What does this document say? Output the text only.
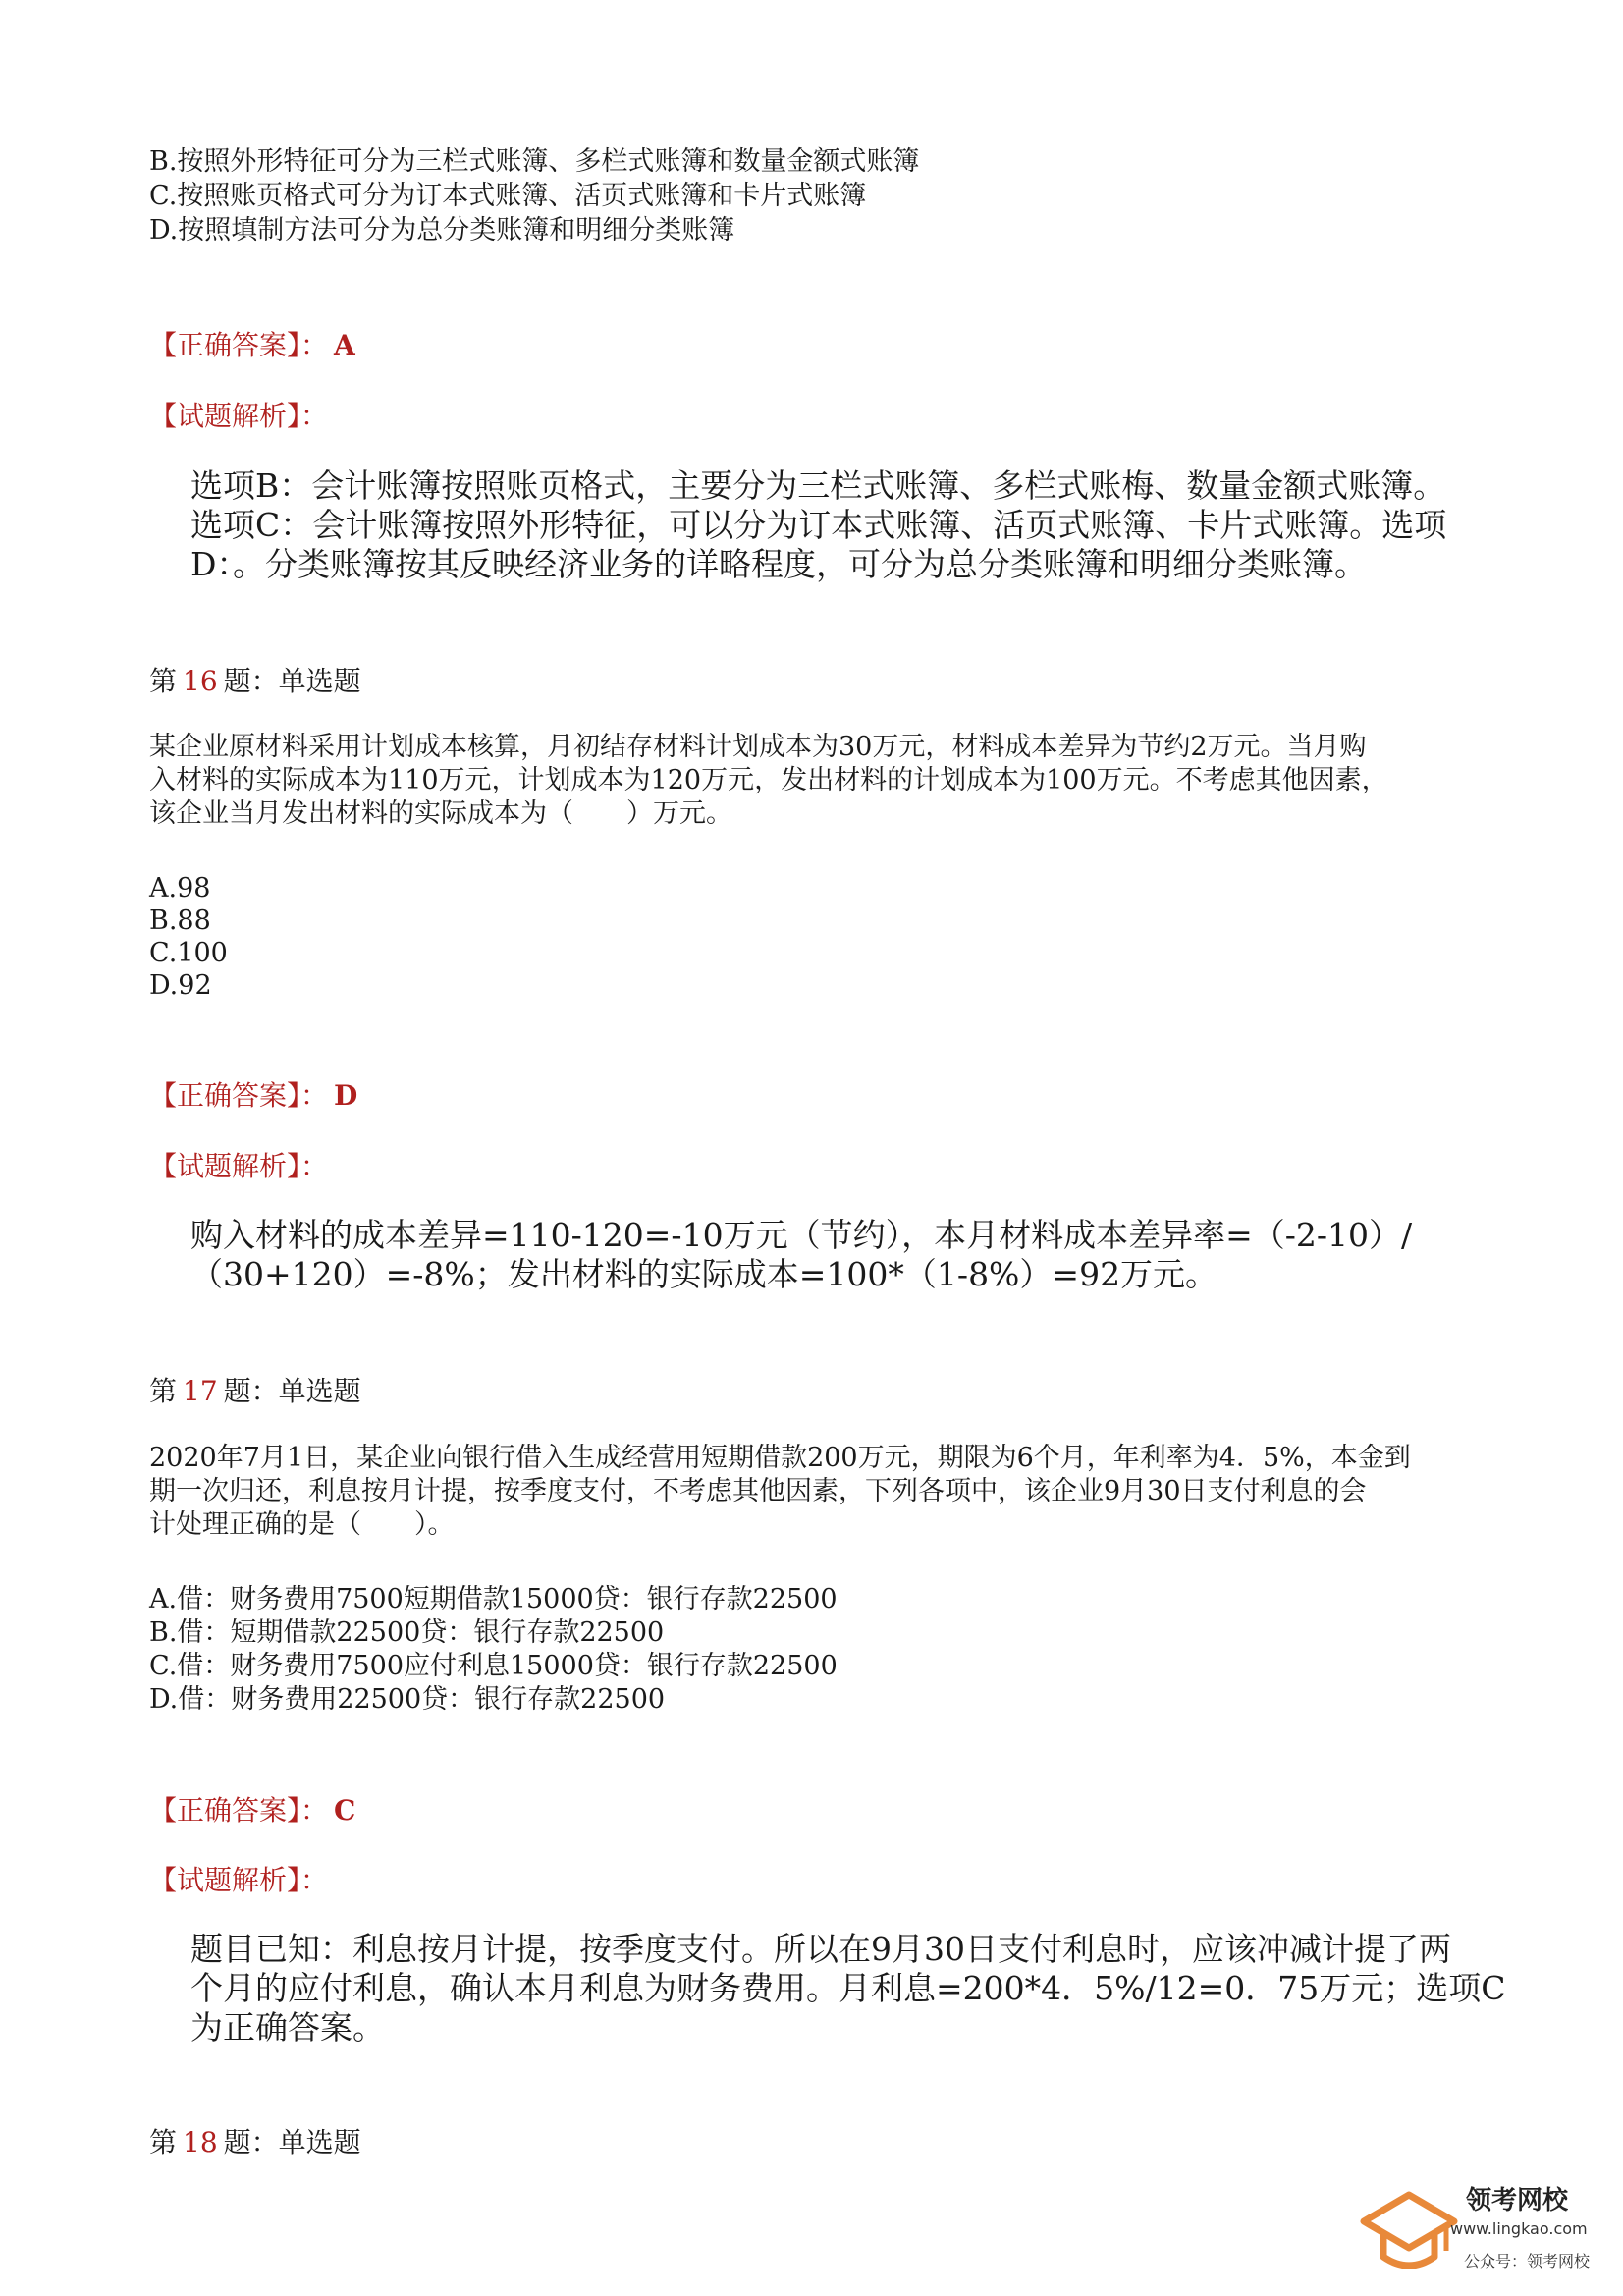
B.按照外形特征可分为三栏式账簿、多栏式账簿和数量金额式账簿
C.按照账页格式可分为订本式账簿、活页式账簿和卡片式账簿
D.按照填制方法可分为总分类账簿和明细分类账簿
【正确答案】： A
【试题解析】：
选项B：会计账簿按照账页格式，主要分为三栏式账簿、多栏式账梅、数量金额式账簿。
选项C：会计账簿按照外形特征，可以分为订本式账簿、活页式账簿、卡片式账簿。选项
D：。分类账簿按其反映经济业务的详略程度，可分为总分类账簿和明细分类账簿。
第 16 题：单选题
某企业原材料采用计划成本核算，月初结存材料计划成本为30万元，材料成本差异为节约2万元。当月购
入材料的实际成本为110万元，计划成本为120万元，发出材料的计划成本为100万元。不考虑其他因素，
该企业当月发出材料的实际成本为（　　）万元。
A.98
B.88
C.100
D.92
【正确答案】： D
【试题解析】：
购入材料的成本差异=110-120=-10万元（节约），本月材料成本差异率=（-2-10）/
（30+120）=-8%；发出材料的实际成本=100*（1-8%）=92万元。
第 17 题：单选题
2020年7月1日，某企业向银行借入生成经营用短期借款200万元，期限为6个月，年利率为4．5%，本金到
期一次归还，利息按月计提，按季度支付，不考虑其他因素，下列各项中，该企业9月30日支付利息的会
计处理正确的是（　　）。
A.借：财务费用7500短期借款15000贷：银行存款22500
B.借：短期借款22500贷：银行存款22500
C.借：财务费用7500应付利息15000贷：银行存款22500
D.借：财务费用22500贷：银行存款22500
【正确答案】： C
【试题解析】：
题目已知：利息按月计提，按季度支付。所以在9月30日支付利息时，应该冲减计提了两
个月的应付利息，确认本月利息为财务费用。月利息=200*4．5%/12=0．75万元；选项C
为正确答案。
第 18 题：单选题
领考网校
www.lingkao.com
公众号：领考网校
